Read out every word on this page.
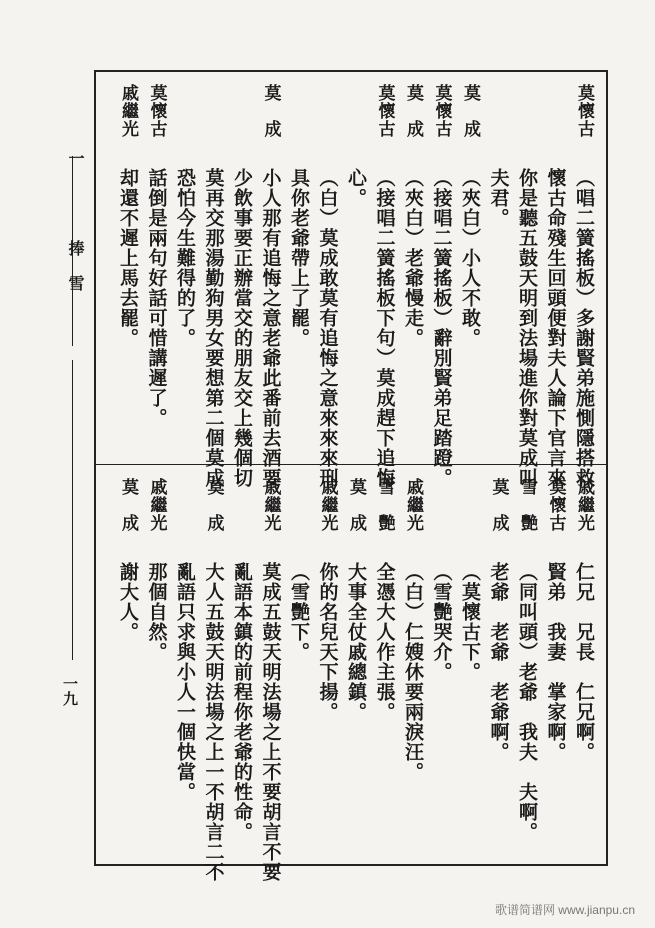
一
捧 雪
一九
莫懷古
（唱二簧搖板）多謝賢弟施惻隱搭救
懷古命殘生回頭便對夫人論下官言來
你是聽五鼓天明到法場進你對莫成叫
夫君。
莫　成
（夾白）小人不敢。
莫懷古
（接唱二簧搖板）辭別賢弟足踏蹬。
莫　成
（夾白）老爺慢走。
莫懷古
（接唱二簧搖板下句）莫成趕下追悔
心。
（白）莫成敢莫有追悔之意來來來刑
具你老爺帶上了罷。
莫　成
小人那有追悔之意老爺此番前去酒要
少飲事要正辦當交的朋友交上幾個切
莫再交那湯勤狗男女要想第二個莫成
恐怕今生難得的了。
莫懷古
話倒是兩句好話可惜講遲了。
戚繼光
却還不遲上馬去罷。
戚繼光
仁兄　兄長　仁兄啊。
莫懷古
賢弟　我妻　掌家啊。
雪　艷
（同叫頭）老爺　我夫　夫啊。
莫　成
老爺　老爺　老爺啊。
（莫懷古下。
（雪艷哭介。
戚繼光
（白）仁嫂休要兩淚汪。
雪　艷
全憑大人作主張。
莫　成
大事全仗戚總鎮。
戚繼光
你的名兒天下揚。
（雪艷下。
戚繼光
莫成五鼓天明法場之上不要胡言不要
亂語本鎮的前程你老爺的性命。
莫　成
大人五鼓天明法場之上一不胡言二不
亂語只求與小人一個快當。
戚繼光
那個自然。
莫　成
謝大人。
歌谱简谱网 www.jianpu.cn
